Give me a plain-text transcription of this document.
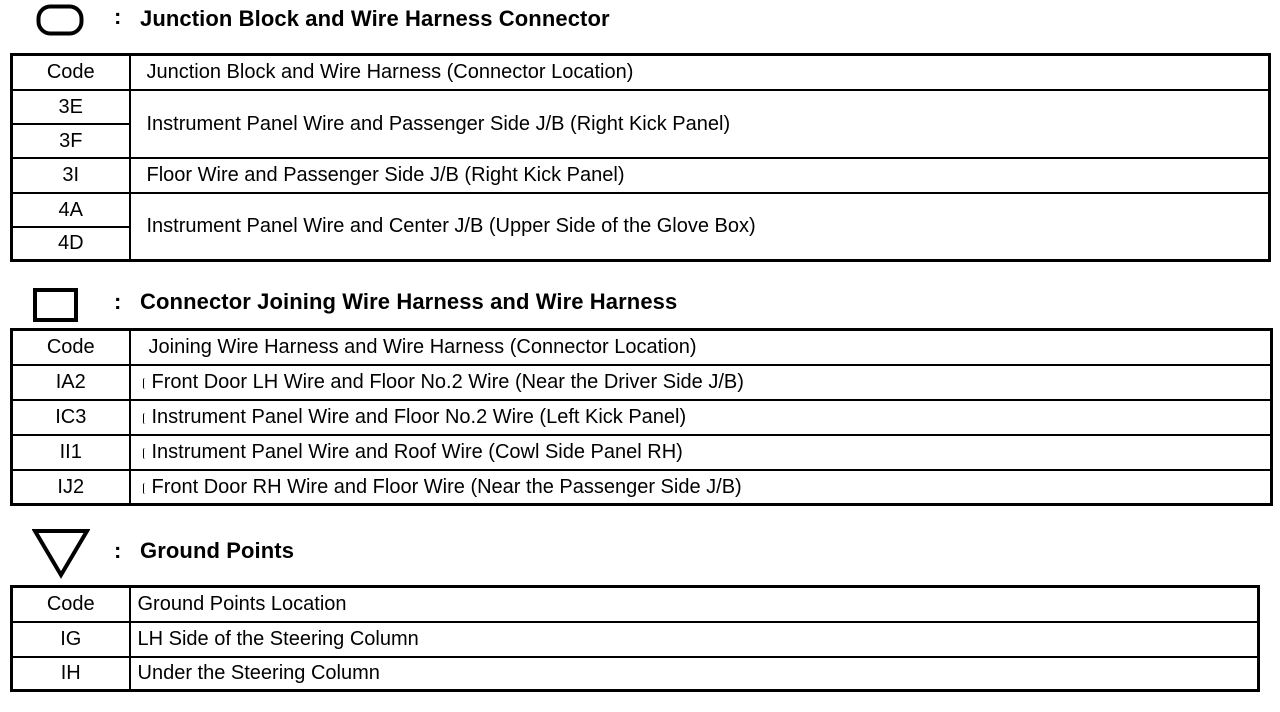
: Junction Block and Wire Harness Connector
Code	Junction Block and Wire Harness (Connector Location)
3E	Instrument Panel Wire and Passenger Side J/B (Right Kick Panel)
3F	
3I	Floor Wire and Passenger Side J/B (Right Kick Panel)
4A	Instrument Panel Wire and Center J/B (Upper Side of the Glove Box)
4D	
: Connector Joining Wire Harness and Wire Harness
Code	Joining Wire Harness and Wire Harness (Connector Location)
IA2	Front Door LH Wire and Floor No.2 Wire (Near the Driver Side J/B)
IC3	Instrument Panel Wire and Floor No.2 Wire (Left Kick Panel)
II1	Instrument Panel Wire and Roof Wire (Cowl Side Panel RH)
IJ2	Front Door RH Wire and Floor Wire (Near the Passenger Side J/B)
: Ground Points
Code	Ground Points Location
IG	LH Side of the Steering Column
IH	Under the Steering Column
